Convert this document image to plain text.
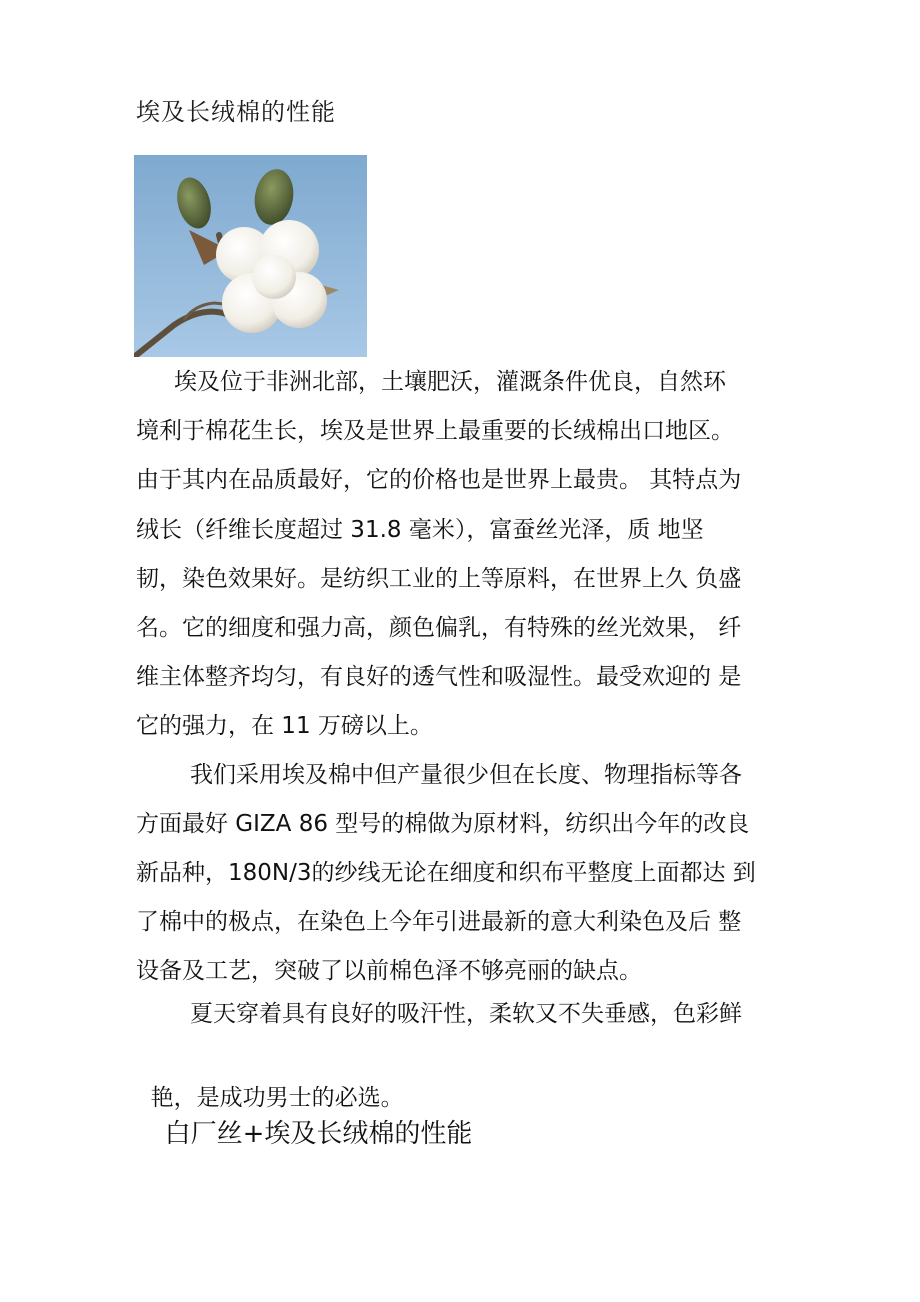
埃及长绒棉的性能
埃及位于非洲北部，土壤肥沃，灌溉条件优良，自然环
境利于棉花生长，埃及是世界上最重要的长绒棉出口地区。
由于其内在品质最好，它的价格也是世界上最贵。 其特点为
绒长（纤维长度超过 31.8 毫米），富蚕丝光泽，质 地坚
韧，染色效果好。是纺织工业的上等原料，在世界上久 负盛
名。它的细度和强力高，颜色偏乳，有特殊的丝光效果， 纤
维主体整齐均匀，有良好的透气性和吸湿性。最受欢迎的 是
它的强力，在 11 万磅以上。
我们采用埃及棉中但产量很少但在长度、物理指标等各
方面最好 GIZA 86 型号的棉做为原材料，纺织出今年的改良
新品种，180N/3的纱线无论在细度和织布平整度上面都达 到
了棉中的极点，在染色上今年引进最新的意大利染色及后 整
设备及工艺，突破了以前棉色泽不够亮丽的缺点。
夏天穿着具有良好的吸汗性，柔软又不失垂感，色彩鲜

艳，是成功男士的必选。
白厂丝+埃及长绒棉的性能
